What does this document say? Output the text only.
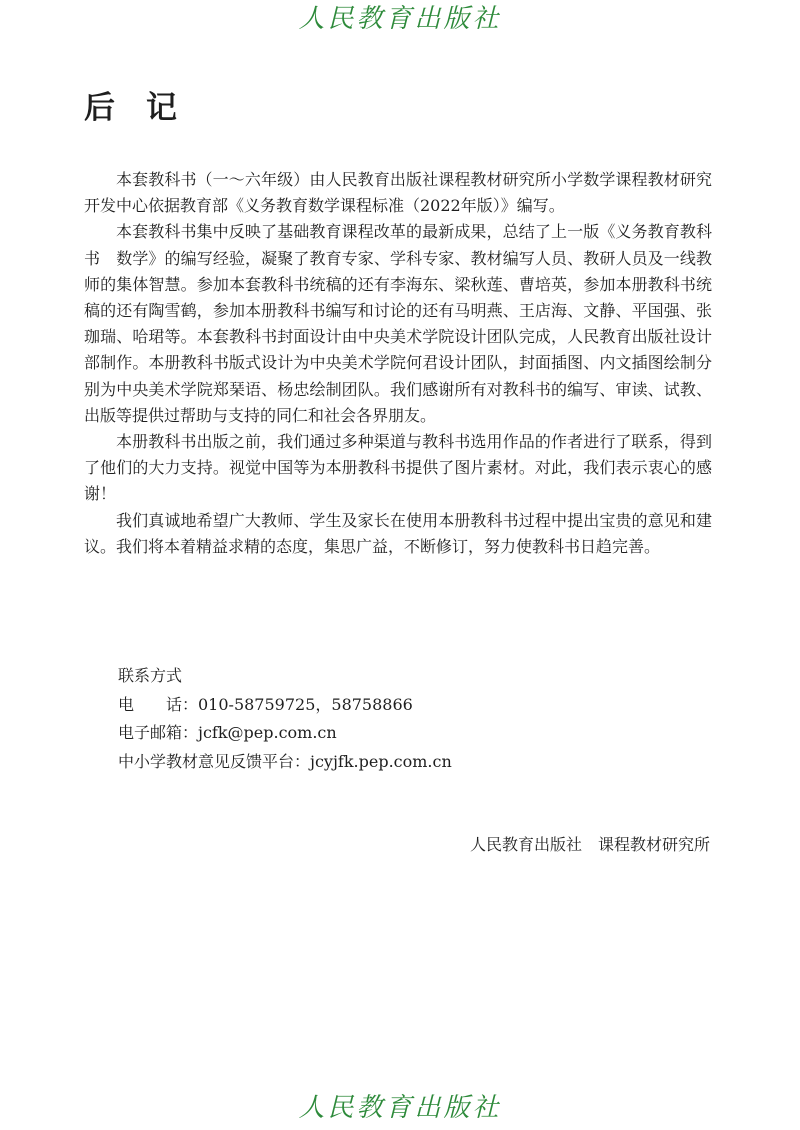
人民教育出版社
后　记

本套教科书（一～六年级）由人民教育出版社课程教材研究所小学数学课程教材研究开发中心依据教育部《义务教育数学课程标准（2022年版）》编写。

本套教科书集中反映了基础教育课程改革的最新成果，总结了上一版《义务教育教科书　数学》的编写经验，凝聚了教育专家、学科专家、教材编写人员、教研人员及一线教师的集体智慧。参加本套教科书统稿的还有李海东、梁秋莲、曹培英，参加本册教科书统稿的还有陶雪鹤，参加本册教科书编写和讨论的还有马明燕、王店海、文静、平国强、张珈瑞、哈珺等。本套教科书封面设计由中央美术学院设计团队完成，人民教育出版社设计部制作。本册教科书版式设计为中央美术学院何君设计团队，封面插图、内文插图绘制分别为中央美术学院郑琹语、杨忠绘制团队。我们感谢所有对教科书的编写、审读、试教、出版等提供过帮助与支持的同仁和社会各界朋友。

本册教科书出版之前，我们通过多种渠道与教科书选用作品的作者进行了联系，得到了他们的大力支持。视觉中国等为本册教科书提供了图片素材。对此，我们表示衷心的感谢！

我们真诚地希望广大教师、学生及家长在使用本册教科书过程中提出宝贵的意见和建议。我们将本着精益求精的态度，集思广益，不断修订，努力使教科书日趋完善。

联系方式
电　　话：010-58759725，58758866
电子邮箱：jcfk@pep.com.cn
中小学教材意见反馈平台：jcyjfk.pep.com.cn
人民教育出版社　课程教材研究所
人民教育出版社
